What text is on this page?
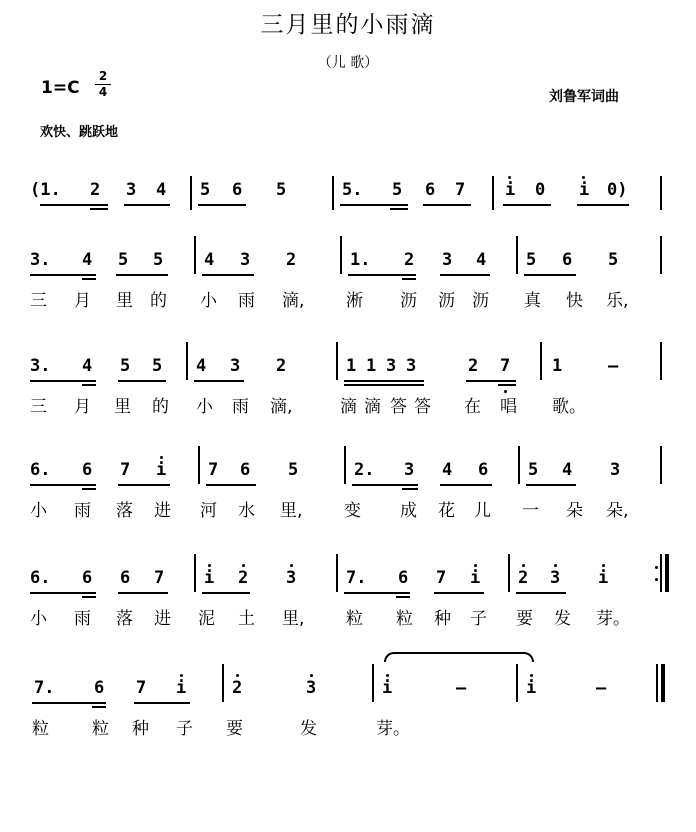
三月里的小雨滴
（儿 歌）
1=C
2
4	刘鲁军词曲
欢快、跳跃地
(1. 2 3 4 5 6 5	5. 5 6 7 i 0 i 0)
3. 4 5 5 4 3 2	1. 2 3 4 5 6 5
三 月 里 的 小 雨 滴, 淅 沥 沥 沥 真 快 乐,
3. 4 5 5 4 3 2	1 1 3 3	2 7 1	–
三 月 里 的 小 雨 滴,	滴 滴 答 答 在 唱 歌。
6. 6 7 i 7 6 5	2. 3 4 6 5 4 3
小 雨 落 进 河 水 里, 变 成 花 儿 一 朵 朵,
6. 6 6 7 i 2 3	7. 6 7 i 2 3 i
小 雨 落 进 泥 土 里, 粒 粒 种 子 要 发 芽。
7. 6 7 i	2	3	i	–	i	–
粒	粒 种 子 要	发	芽。
